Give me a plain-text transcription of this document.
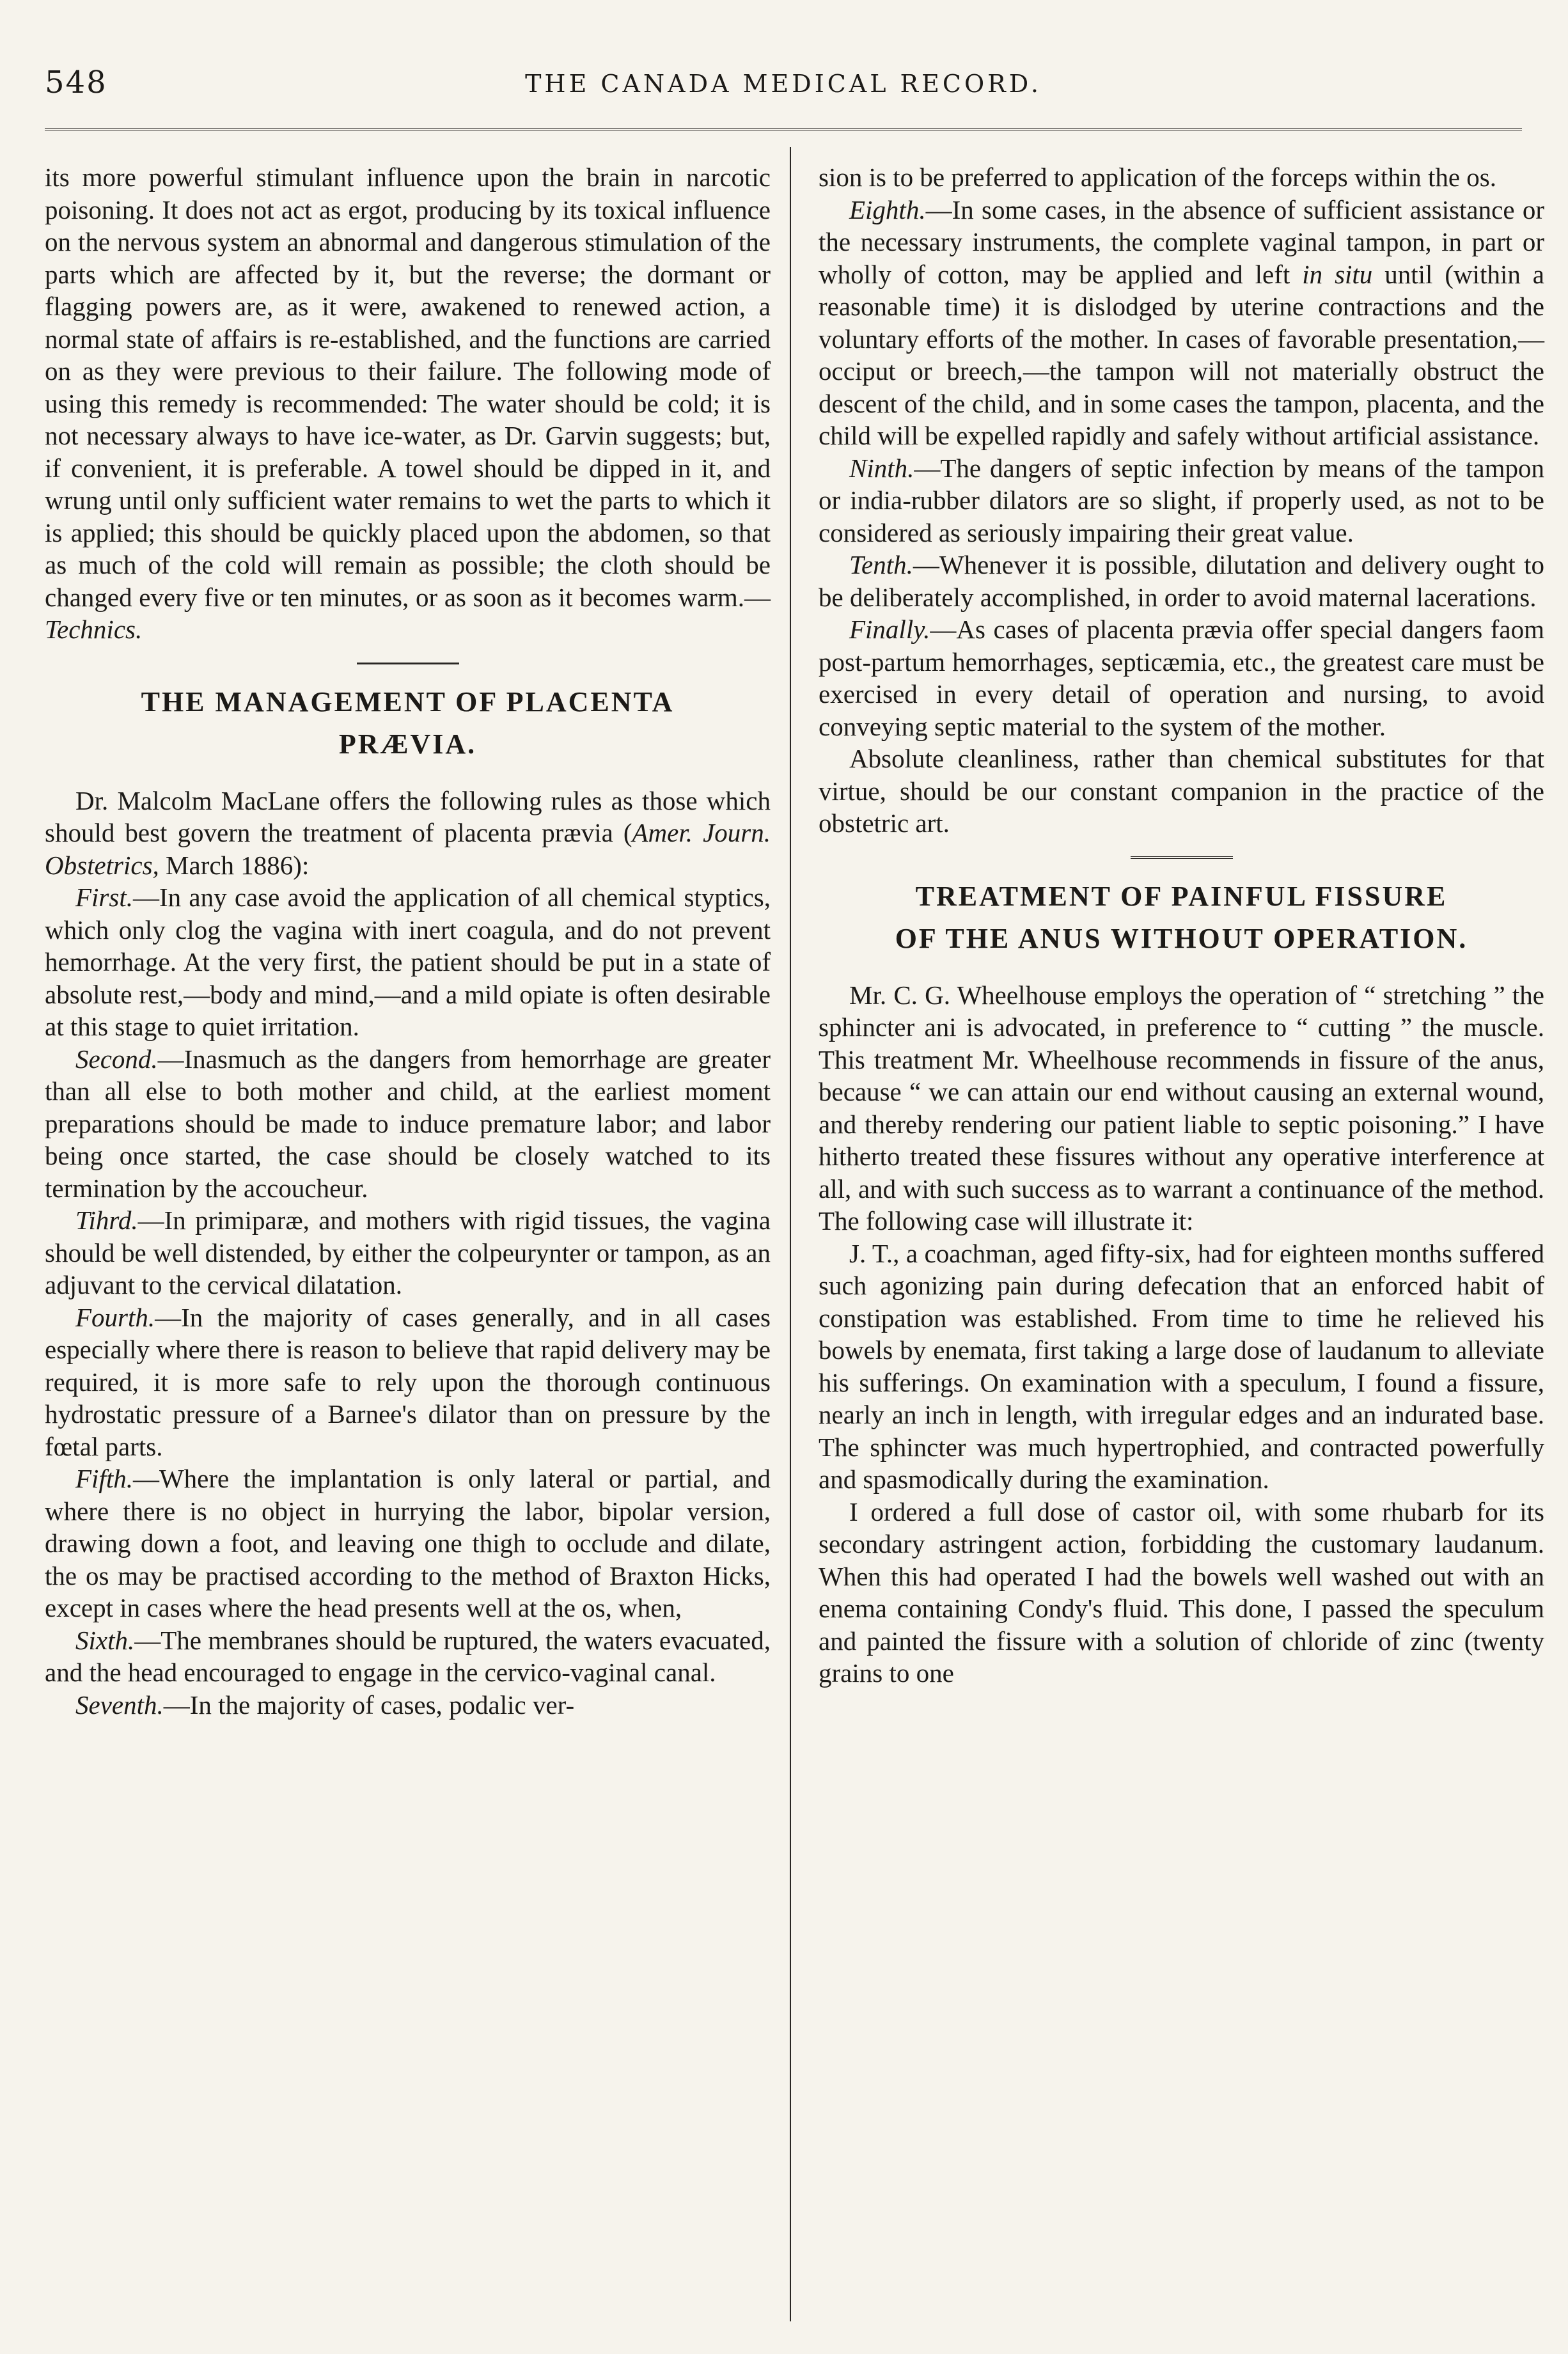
548	THE CANADA MEDICAL RECORD.

its more powerful stimulant influence upon the brain in narcotic poisoning. It does not act as ergot, producing by its toxical influence on the nervous system an abnormal and dangerous stimulation of the parts which are affected by it, but the reverse; the dormant or flagging powers are, as it were, awakened to renewed action, a normal state of affairs is re-established, and the functions are carried on as they were previous to their failure. The following mode of using this remedy is recommended: The water should be cold; it is not necessary always to have ice-water, as Dr. Garvin suggests; but, if convenient, it is preferable. A towel should be dipped in it, and wrung until only sufficient water remains to wet the parts to which it is applied; this should be quickly placed upon the abdomen, so that as much of the cold will remain as possible; the cloth should be changed every five or ten minutes, or as soon as it becomes warm.—Technics.

THE MANAGEMENT OF PLACENTA
PRÆVIA.

Dr. Malcolm MacLane offers the following rules as those which should best govern the treatment of placenta prævia (Amer. Journ. Obstetrics, March 1886):

First.—In any case avoid the application of all chemical styptics, which only clog the vagina with inert coagula, and do not prevent hemorrhage. At the very first, the patient should be put in a state of absolute rest,—body and mind,—and a mild opiate is often desirable at this stage to quiet irritation.

Second.—Inasmuch as the dangers from hemorrhage are greater than all else to both mother and child, at the earliest moment preparations should be made to induce premature labor; and labor being once started, the case should be closely watched to its termination by the accoucheur.

Tihrd.—In primiparæ, and mothers with rigid tissues, the vagina should be well distended, by either the colpeurynter or tampon, as an adjuvant to the cervical dilatation.

Fourth.—In the majority of cases generally, and in all cases especially where there is reason to believe that rapid delivery may be required, it is more safe to rely upon the thorough continuous hydrostatic pressure of a Barnee's dilator than on pressure by the fœtal parts.

Fifth.—Where the implantation is only lateral or partial, and where there is no object in hurrying the labor, bipolar version, drawing down a foot, and leaving one thigh to occlude and dilate, the os may be practised according to the method of Braxton Hicks, except in cases where the head presents well at the os, when,

Sixth.—The membranes should be ruptured, the waters evacuated, and the head encouraged to engage in the cervico-vaginal canal.

Seventh.—In the majority of cases, podalic ver-

sion is to be preferred to application of the forceps within the os.

Eighth.—In some cases, in the absence of sufficient assistance or the necessary instruments, the complete vaginal tampon, in part or wholly of cotton, may be applied and left in situ until (within a reasonable time) it is dislodged by uterine contractions and the voluntary efforts of the mother. In cases of favorable presentation,—occiput or breech,—the tampon will not materially obstruct the descent of the child, and in some cases the tampon, placenta, and the child will be expelled rapidly and safely without artificial assistance.

Ninth.—The dangers of septic infection by means of the tampon or india-rubber dilators are so slight, if properly used, as not to be considered as seriously impairing their great value.

Tenth.—Whenever it is possible, dilutation and delivery ought to be deliberately accomplished, in order to avoid maternal lacerations.

Finally.—As cases of placenta prævia offer special dangers faom post-partum hemorrhages, septicæmia, etc., the greatest care must be exercised in every detail of operation and nursing, to avoid conveying septic material to the system of the mother.

Absolute cleanliness, rather than chemical substitutes for that virtue, should be our constant companion in the practice of the obstetric art.

TREATMENT OF PAINFUL FISSURE
OF THE ANUS WITHOUT OPERATION.

Mr. C. G. Wheelhouse employs the operation of “ stretching ” the sphincter ani is advocated, in preference to “ cutting ” the muscle. This treatment Mr. Wheelhouse recommends in fissure of the anus, because “ we can attain our end without causing an external wound, and thereby rendering our patient liable to septic poisoning.” I have hitherto treated these fissures without any operative interference at all, and with such success as to warrant a continuance of the method. The following case will illustrate it:

J. T., a coachman, aged fifty-six, had for eighteen months suffered such agonizing pain during defecation that an enforced habit of constipation was established. From time to time he relieved his bowels by enemata, first taking a large dose of laudanum to alleviate his sufferings. On examination with a speculum, I found a fissure, nearly an inch in length, with irregular edges and an indurated base. The sphincter was much hypertrophied, and contracted powerfully and spasmodically during the examination.

I ordered a full dose of castor oil, with some rhubarb for its secondary astringent action, forbidding the customary laudanum. When this had operated I had the bowels well washed out with an enema containing Condy's fluid. This done, I passed the speculum and painted the fissure with a solution of chloride of zinc (twenty grains to one
